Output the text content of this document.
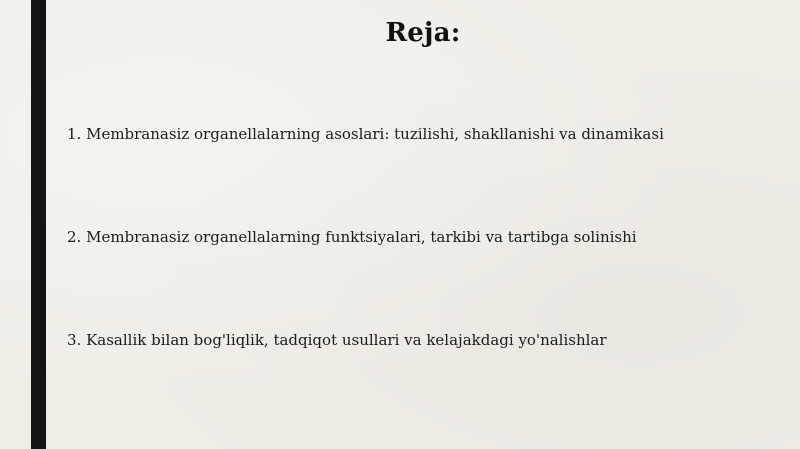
Reja:
1. Membranasiz organellalarning asoslari: tuzilishi, shakllanishi va dinamikasi
2. Membranasiz organellalarning funktsiyalari, tarkibi va tartibga solinishi
3. Kasallik bilan bog'liqlik, tadqiqot usullari va kelajakdagi yo'nalishlar
